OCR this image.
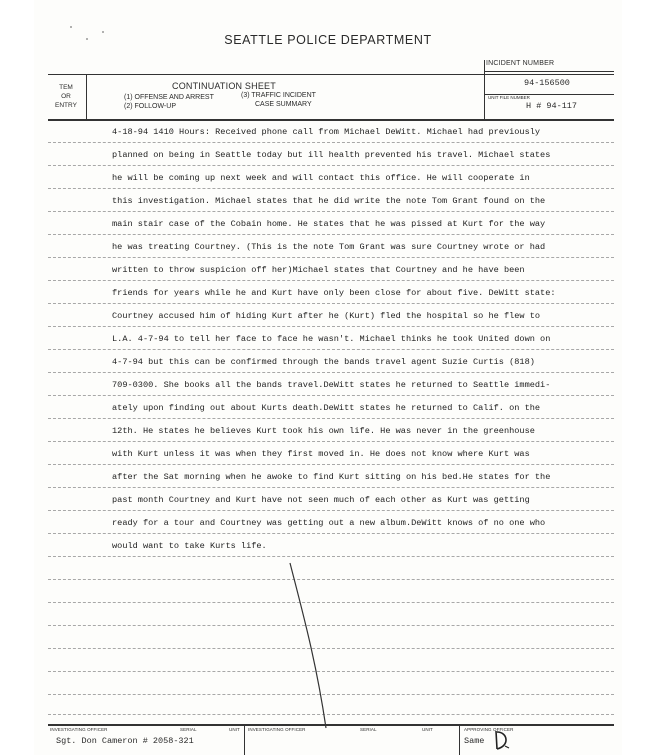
SEATTLE POLICE DEPARTMENT
INCIDENT NUMBER
TEM
OR
ENTRY
CONTINUATION SHEET
(1) OFFENSE AND ARREST
(2) FOLLOW-UP
(3) TRAFFIC INCIDENT
CASE SUMMARY
94-156500
UNIT FILE NUMBER
H # 94-117
4-18-94 1410 Hours: Received phone call from Michael DeWitt. Michael had previously
planned on being in Seattle today but ill health prevented his travel. Michael states
he will be coming up next week and will contact this office. He will cooperate in
this investigation. Michael states that he did write the note Tom Grant found on the
main stair case of the Cobain home. He states that he was pissed at Kurt for the way
he was treating Courtney. (This is the note Tom Grant was sure Courtney wrote or had
written to throw suspicion off her)Michael states that Courtney and he have been
friends for years while he and Kurt have only been close for about five. DeWitt state:
Courtney accused him of hiding Kurt after he (Kurt) fled the hospital so he flew to
L.A. 4-7-94 to tell her face to face he wasn't. Michael thinks he took United down on
4-7-94 but this can be confirmed through the bands travel agent Suzie Curtis (818)
709-0300. She books all the bands travel.DeWitt states he returned to Seattle immedi-
ately upon finding out about Kurts death.DeWitt states he returned to Calif. on the
12th. He states he believes Kurt took his own life. He was never in the greenhouse
with Kurt unless it was when they first moved in. He does not know where Kurt was
after the Sat morning when he awoke to find Kurt sitting on his bed.He states for the
past month Courtney and Kurt have not seen much of each other as Kurt was getting
ready for a tour and Courtney was getting out a new album.DeWitt knows of no one who
would want to take Kurts life.
INVESTIGATING OFFICER	SERIAL	UNIT INVESTIGATING OFFICER	SERIAL	UNIT	APPROVING OFFICER
Sgt. Don Cameron # 2058-321	Same
